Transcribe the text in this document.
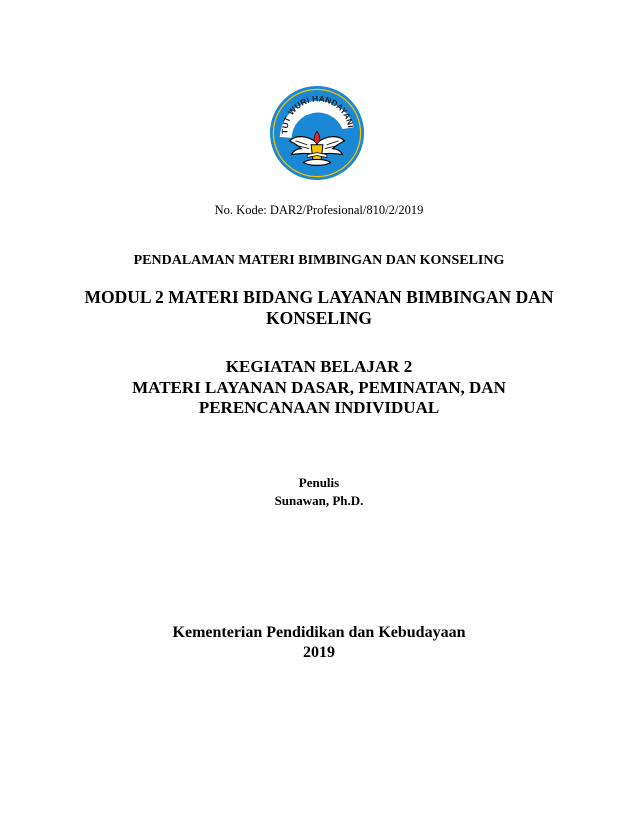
TUT WURI HANDAYANI
No. Kode: DAR2/Profesional/810/2/2019
PENDALAMAN MATERI BIMBINGAN DAN KONSELING
MODUL 2 MATERI BIDANG LAYANAN BIMBINGAN DAN
KONSELING
KEGIATAN BELAJAR 2
MATERI LAYANAN DASAR, PEMINATAN, DAN
PERENCANAAN INDIVIDUAL
Penulis
Sunawan, Ph.D.
Kementerian Pendidikan dan Kebudayaan
2019
